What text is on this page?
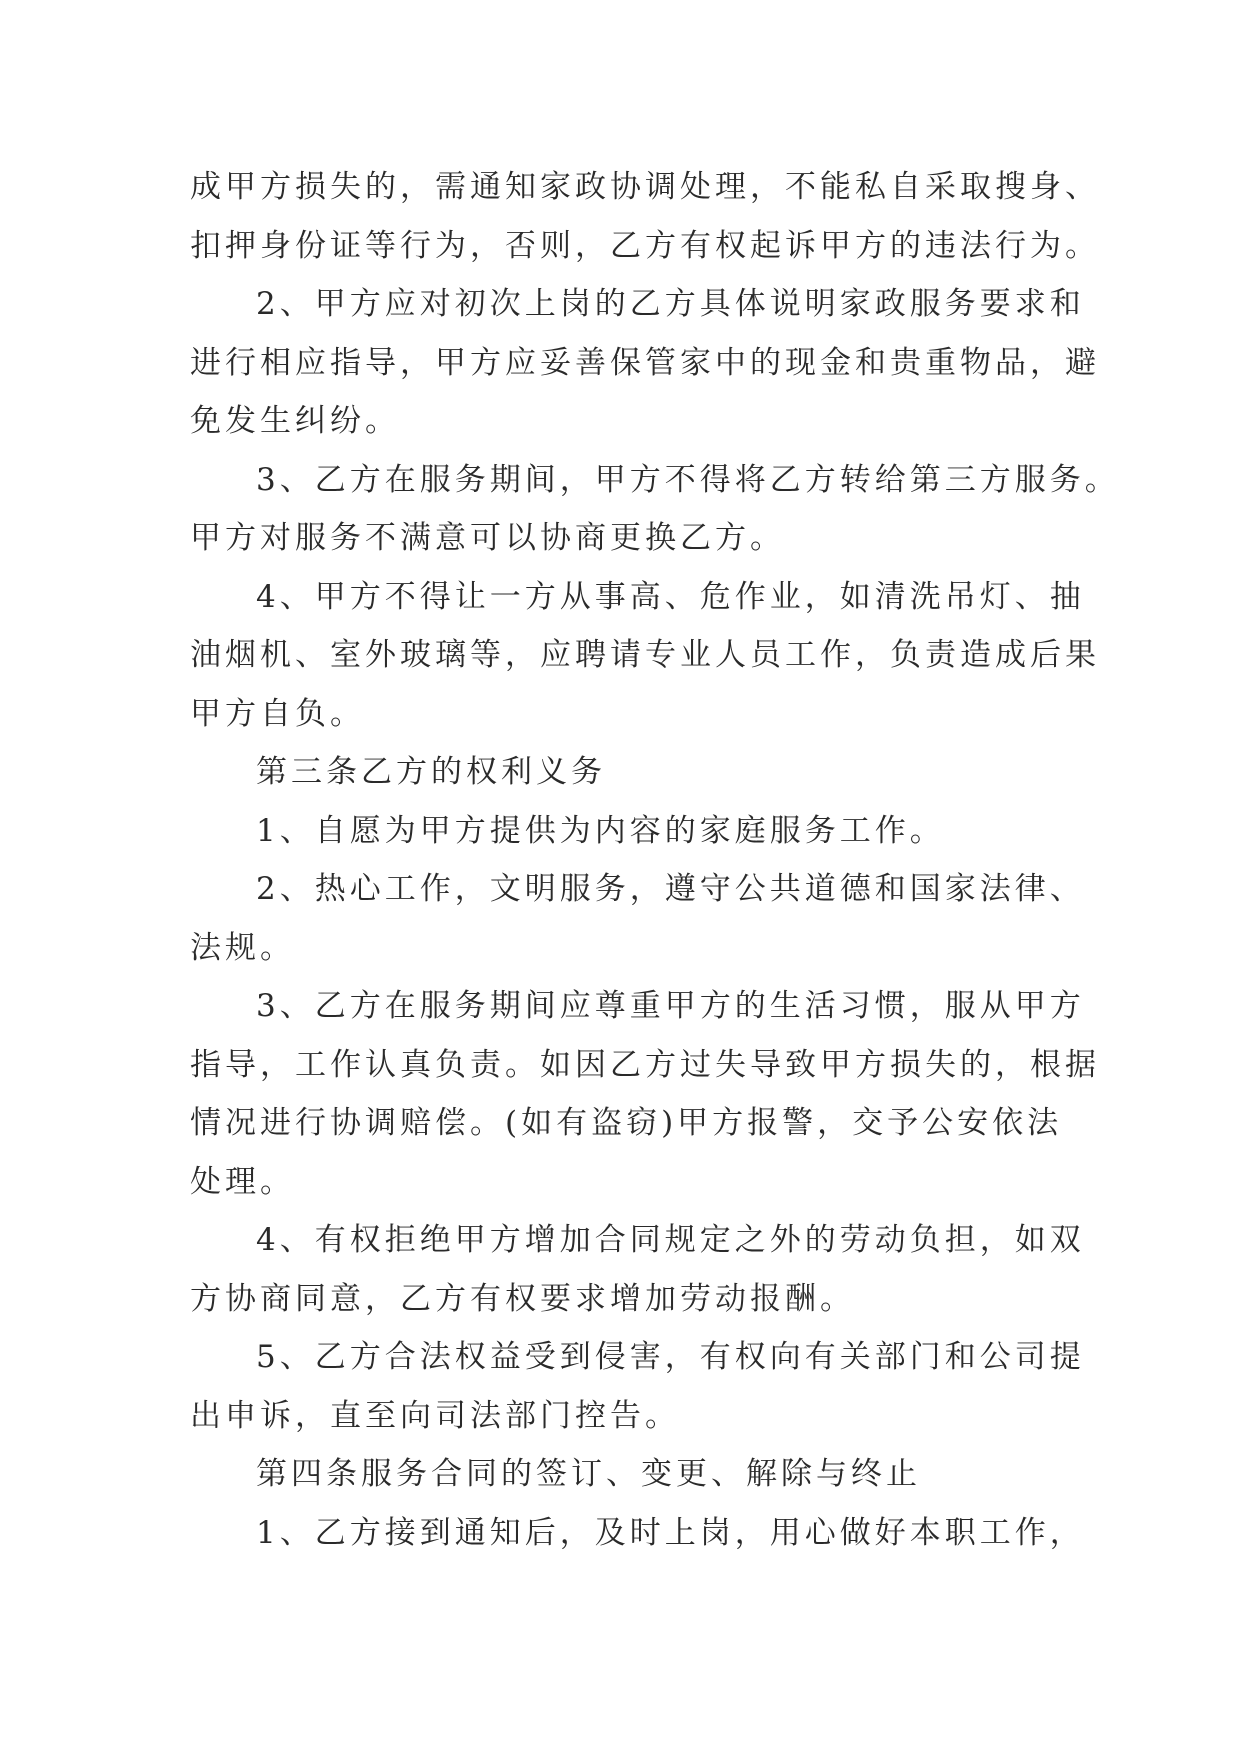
成甲方损失的，需通知家政协调处理，不能私自采取搜身、
扣押身份证等行为，否则，乙方有权起诉甲方的违法行为。
2、甲方应对初次上岗的乙方具体说明家政服务要求和
进行相应指导，甲方应妥善保管家中的现金和贵重物品，避
免发生纠纷。
3、乙方在服务期间，甲方不得将乙方转给第三方服务。
甲方对服务不满意可以协商更换乙方。
4、甲方不得让一方从事高、危作业，如清洗吊灯、抽
油烟机、室外玻璃等，应聘请专业人员工作，负责造成后果
甲方自负。
第三条乙方的权利义务
1、自愿为甲方提供为内容的家庭服务工作。
2、热心工作，文明服务，遵守公共道德和国家法律、
法规。
3、乙方在服务期间应尊重甲方的生活习惯，服从甲方
指导，工作认真负责。如因乙方过失导致甲方损失的，根据
情况进行协调赔偿。(如有盗窃)甲方报警，交予公安依法
处理。
4、有权拒绝甲方增加合同规定之外的劳动负担，如双
方协商同意，乙方有权要求增加劳动报酬。
5、乙方合法权益受到侵害，有权向有关部门和公司提
出申诉，直至向司法部门控告。
第四条服务合同的签订、变更、解除与终止
1、乙方接到通知后，及时上岗，用心做好本职工作，
